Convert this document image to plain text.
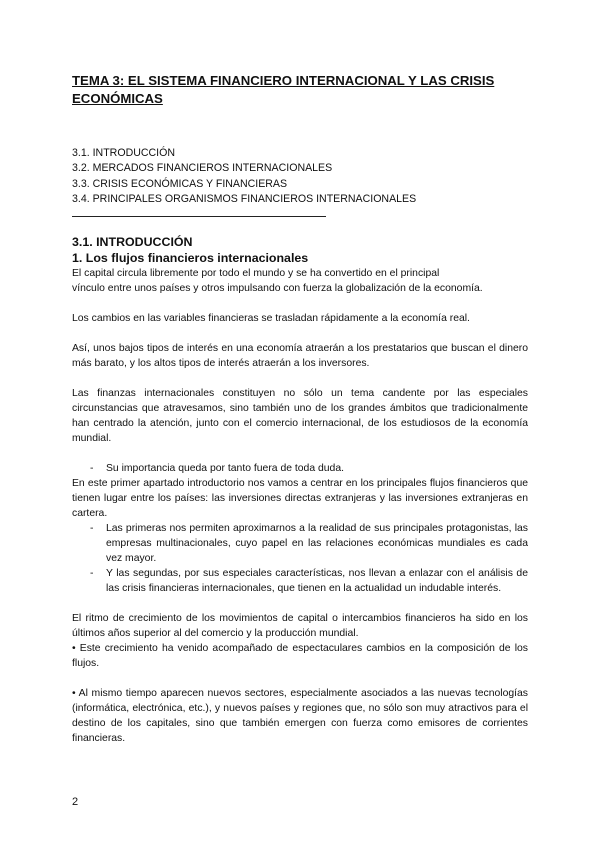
TEMA 3: EL SISTEMA FINANCIERO INTERNACIONAL Y LAS CRISIS ECONÓMICAS
3.1. INTRODUCCIÓN
3.2. MERCADOS FINANCIEROS INTERNACIONALES
3.3. CRISIS ECONÓMICAS Y FINANCIERAS
3.4. PRINCIPALES ORGANISMOS FINANCIEROS INTERNACIONALES
3.1. INTRODUCCIÓN
1. Los flujos financieros internacionales

El capital circula libremente por todo el mundo y se ha convertido en el principal

vínculo entre unos países y otros impulsando con fuerza la globalización de la economía.

Los cambios en las variables financieras se trasladan rápidamente a la economía real.

Así, unos bajos tipos de interés en una economía atraerán a los prestatarios que buscan el dinero más barato, y los altos tipos de interés atraerán a los inversores.

Las finanzas internacionales constituyen no sólo un tema candente por las especiales circunstancias que atravesamos, sino también uno de los grandes ámbitos que tradicionalmente han centrado la atención, junto con el comercio internacional, de los estudiosos de la economía mundial.

- Su importancia queda por tanto fuera de toda duda.

En este primer apartado introductorio nos vamos a centrar en los principales flujos financieros que tienen lugar entre los países: las inversiones directas extranjeras y las inversiones extranjeras en cartera.

- Las primeras nos permiten aproximarnos a la realidad de sus principales protagonistas, las empresas multinacionales, cuyo papel en las relaciones económicas mundiales es cada vez mayor.
- Y las segundas, por sus especiales características, nos llevan a enlazar con el análisis de las crisis financieras internacionales, que tienen en la actualidad un indudable interés.

El ritmo de crecimiento de los movimientos de capital o intercambios financieros ha sido en los últimos años superior al del comercio y la producción mundial.

• Este crecimiento ha venido acompañado de espectaculares cambios en la composición de los flujos.

• Al mismo tiempo aparecen nuevos sectores, especialmente asociados a las nuevas tecnologías (informática, electrónica, etc.), y nuevos países y regiones que, no sólo son muy atractivos para el destino de los capitales, sino que también emergen con fuerza como emisores de corrientes financieras.

2
